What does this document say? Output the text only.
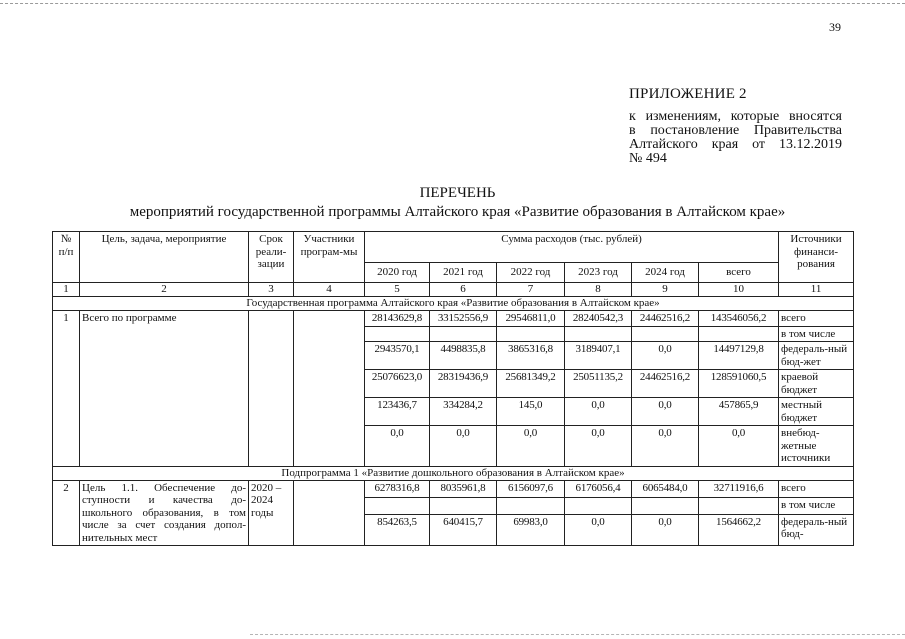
39
ПРИЛОЖЕНИЕ 2
к изменениям, которые вносятся
в постановление Правительства
Алтайского края от 13.12.2019
№ 494
ПЕРЕЧЕНЬ
мероприятий государственной программы Алтайского края «Развитие образования в Алтайском крае»
№ п/п	Цель, задача, мероприятие	Срок реали-зации	Участники програм-мы	Сумма расходов (тыс. рублей)						Источники финанси-рования
				2020 год	2021 год	2022 год	2023 год	2024 год	всего	
1	2	3	4	5	6	7	8	9	10	11
Государственная программа Алтайского края «Развитие образования в Алтайском крае»										
1	Всего по программе			28143629,8	33152556,9	29546811,0	28240542,3	24462516,2	143546056,2	всего
										в том числе
				2943570,1	4498835,8	3865316,8	3189407,1	0,0	14497129,8	федераль-ный бюд-жет
				25076623,0	28319436,9	25681349,2	25051135,2	24462516,2	128591060,5	краевой бюджет
				123436,7	334284,2	145,0	0,0	0,0	457865,9	местный бюджет
				0,0	0,0	0,0	0,0	0,0	0,0	внебюд-жетные источники
Подпрограмма 1 «Развитие дошкольного образования в Алтайском крае»										
2	Цель 1.1. Обеспечение до-
ступности и качества до-
школьного образования, в том
числе за счет создания допол-
нительных мест	2020 – 2024 годы		6278316,8	8035961,8	6156097,6	6176056,4	6065484,0	32711916,6	всего
										в том числе
				854263,5	640415,7	69983,0	0,0	0,0	1564662,2	федераль-ный бюд-
